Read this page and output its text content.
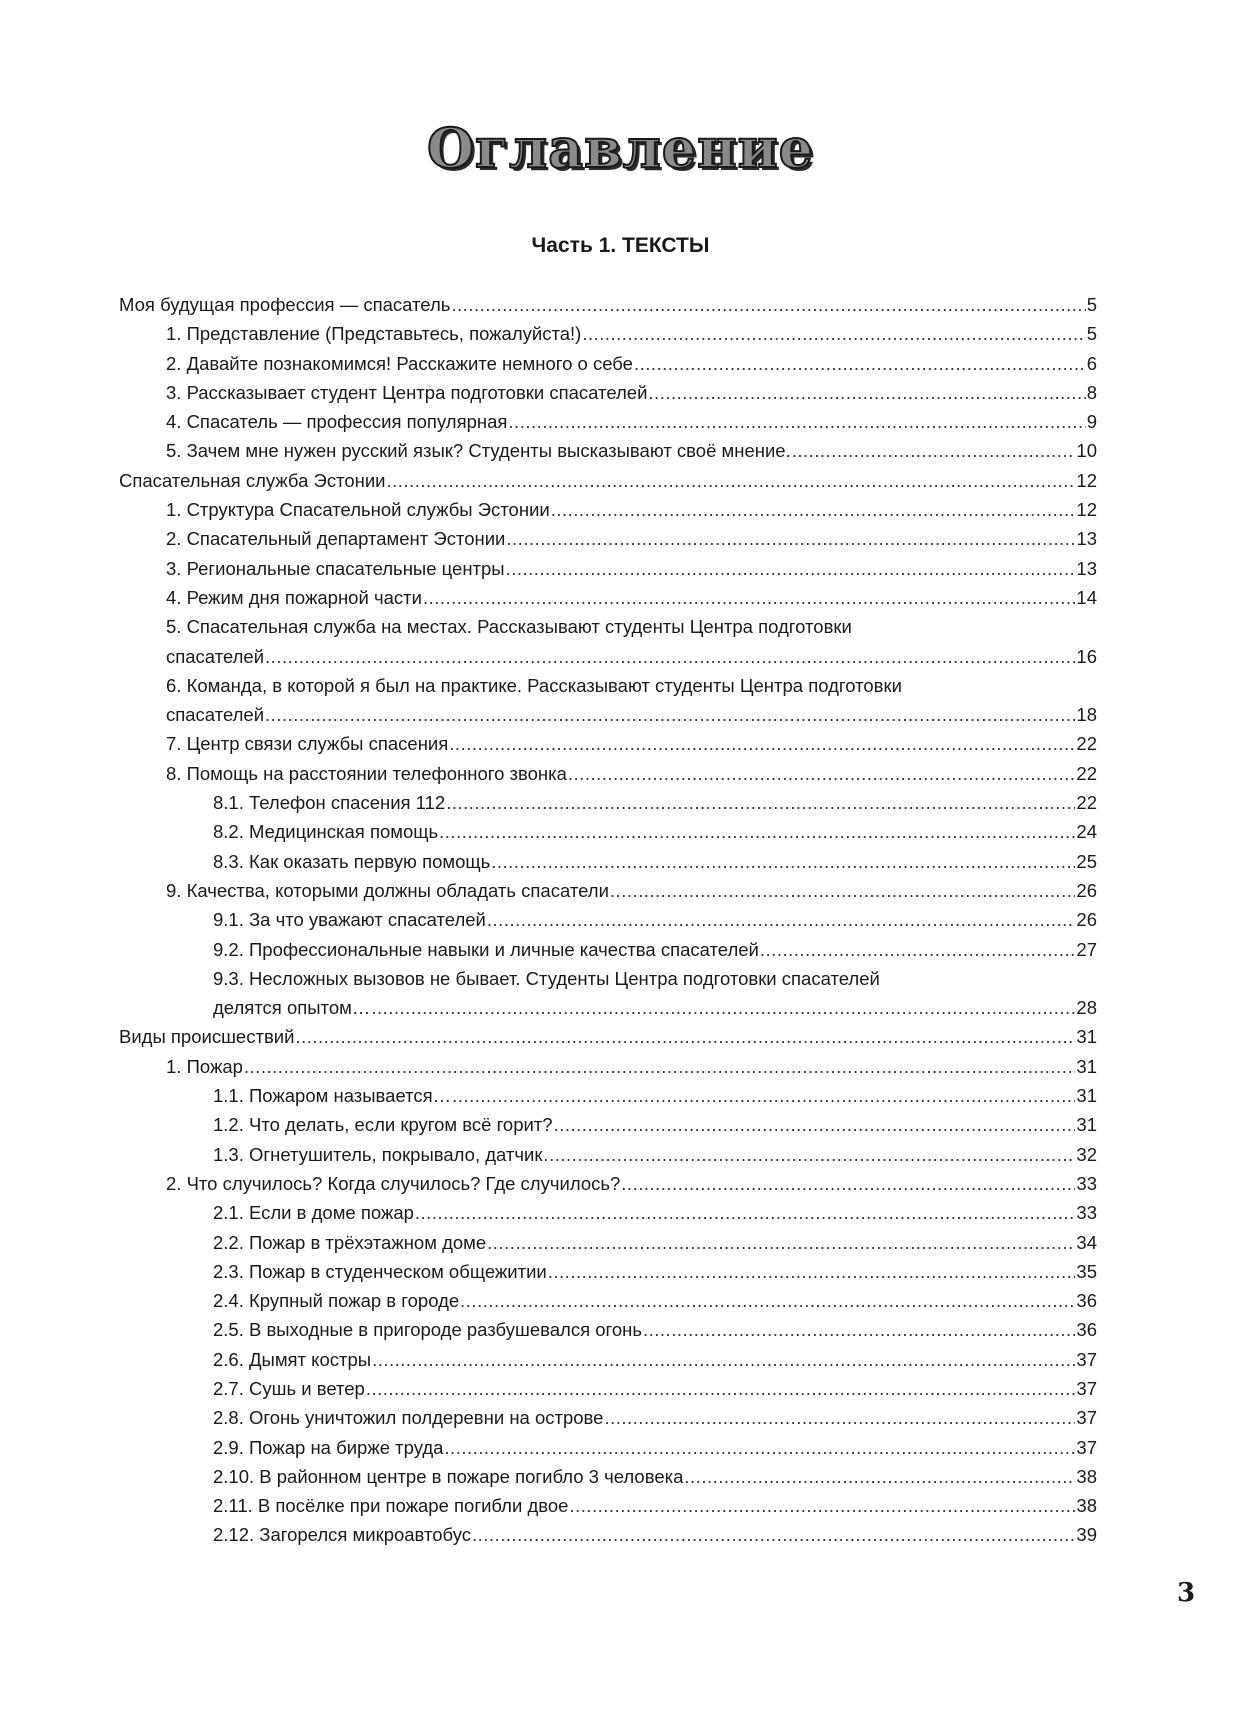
Оглавление
Часть 1. ТЕКСТЫ
Моя будущая профессия — спасатель .....	5
1. Представление (Представьтесь, пожалуйста!) .....	5
2. Давайте познакомимся! Расскажите немного о себе .....	6
3. Рассказывает студент Центра подготовки спасателей .....	8
4. Спасатель — профессия популярная .....	9
5. Зачем мне нужен русский язык? Студенты высказывают своё мнение. .....	10
Спасательная служба Эстонии .....	12
1. Структура Спасательной службы Эстонии .....	12
2. Спасательный департамент Эстонии .....	13
3. Региональные спасательные центры .....	13
4. Режим дня пожарной части .....	14
5. Спасательная служба на местах. Рассказывают студенты Центра подготовки
спасателей .....	16
6. Команда, в которой я был на практике. Рассказывают студенты Центра подготовки
спасателей .....	18
7. Центр связи службы спасения .....	22
8. Помощь на расстоянии телефонного звонка .....	22
8.1. Телефон спасения 112 .....	22
8.2. Медицинская помощь .....	24
8.3. Как оказать первую помощь .....	25
9. Качества, которыми должны обладать спасатели .....	26
9.1. За что уважают спасателей .....	26
9.2. Профессиональные навыки и личные качества спасателей .....	27
9.3. Несложных вызовов не бывает. Студенты Центра подготовки спасателей
делятся опытом… .....	28
Виды происшествий .....	31
1. Пожар .....	31
1.1. Пожаром называется… .....	31
1.2. Что делать, если кругом всё горит? .....	31
1.3. Огнетушитель, покрывало, датчик .....	32
2. Что случилось? Когда случилось? Где случилось? .....	33
2.1. Если в доме пожар .....	33
2.2. Пожар в трёхэтажном доме .....	34
2.3. Пожар в студенческом общежитии .....	35
2.4. Крупный пожар в городе .....	36
2.5. В выходные в пригороде разбушевался огонь .....	36
2.6. Дымят костры .....	37
2.7. Сушь и ветер .....	37
2.8. Огонь уничтожил полдеревни на острове .....	37
2.9. Пожар на бирже труда .....	37
2.10. В районном центре в пожаре погибло 3 человека .....	38
2.11. В посёлке при пожаре погибли двое .....	38
2.12. Загорелся микроавтобус .....	39
3
